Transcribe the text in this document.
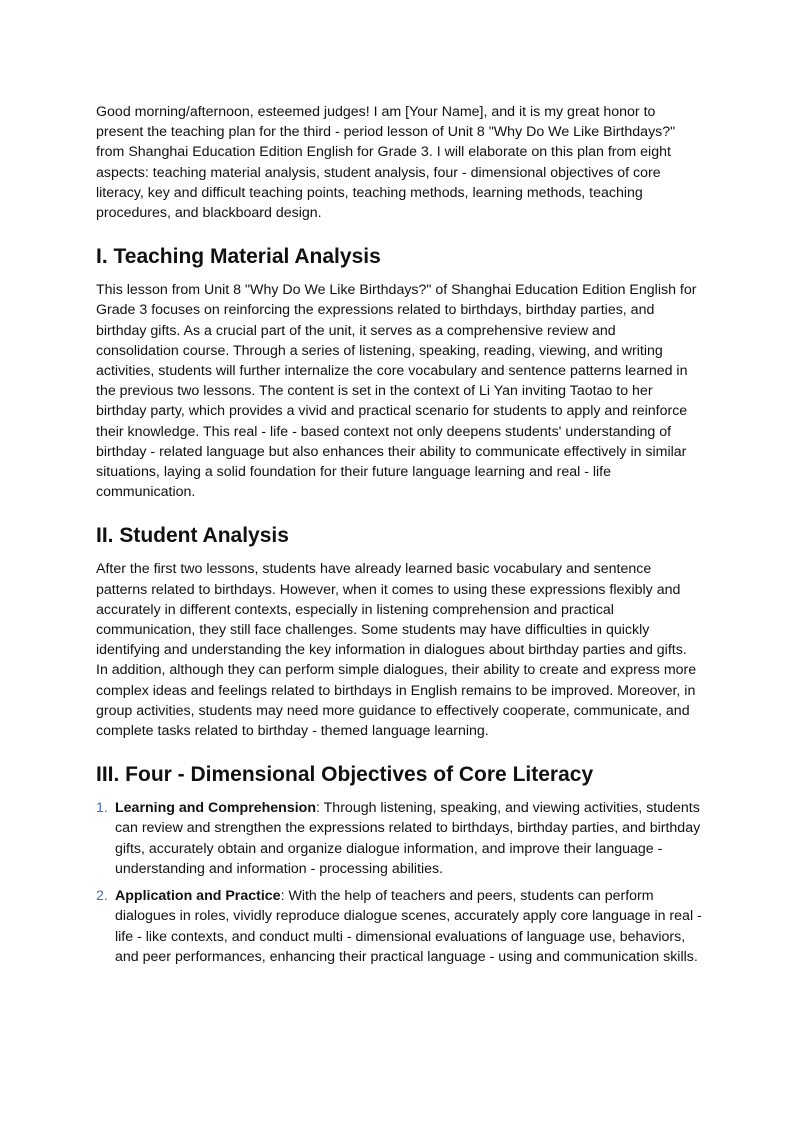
Good morning/afternoon, esteemed judges! I am [Your Name], and it is my great honor to present the teaching plan for the third - period lesson of Unit 8 "Why Do We Like Birthdays?" from Shanghai Education Edition English for Grade 3. I will elaborate on this plan from eight aspects: teaching material analysis, student analysis, four - dimensional objectives of core literacy, key and difficult teaching points, teaching methods, learning methods, teaching procedures, and blackboard design.

I. Teaching Material Analysis

This lesson from Unit 8 "Why Do We Like Birthdays?" of Shanghai Education Edition English for Grade 3 focuses on reinforcing the expressions related to birthdays, birthday parties, and birthday gifts. As a crucial part of the unit, it serves as a comprehensive review and consolidation course. Through a series of listening, speaking, reading, viewing, and writing activities, students will further internalize the core vocabulary and sentence patterns learned in the previous two lessons. The content is set in the context of Li Yan inviting Taotao to her birthday party, which provides a vivid and practical scenario for students to apply and reinforce their knowledge. This real - life - based context not only deepens students' understanding of birthday - related language but also enhances their ability to communicate effectively in similar situations, laying a solid foundation for their future language learning and real - life communication.

II. Student Analysis

After the first two lessons, students have already learned basic vocabulary and sentence patterns related to birthdays. However, when it comes to using these expressions flexibly and accurately in different contexts, especially in listening comprehension and practical communication, they still face challenges. Some students may have difficulties in quickly identifying and understanding the key information in dialogues about birthday parties and gifts. In addition, although they can perform simple dialogues, their ability to create and express more complex ideas and feelings related to birthdays in English remains to be improved. Moreover, in group activities, students may need more guidance to effectively cooperate, communicate, and complete tasks related to birthday - themed language learning.

III. Four - Dimensional Objectives of Core Literacy
1. Learning and Comprehension: Through listening, speaking, and viewing activities, students can review and strengthen the expressions related to birthdays, birthday parties, and birthday gifts, accurately obtain and organize dialogue information, and improve their language - understanding and information - processing abilities.
2. Application and Practice: With the help of teachers and peers, students can perform dialogues in roles, vividly reproduce dialogue scenes, accurately apply core language in real - life - like contexts, and conduct multi - dimensional evaluations of language use, behaviors, and peer performances, enhancing their practical language - using and communication skills.
